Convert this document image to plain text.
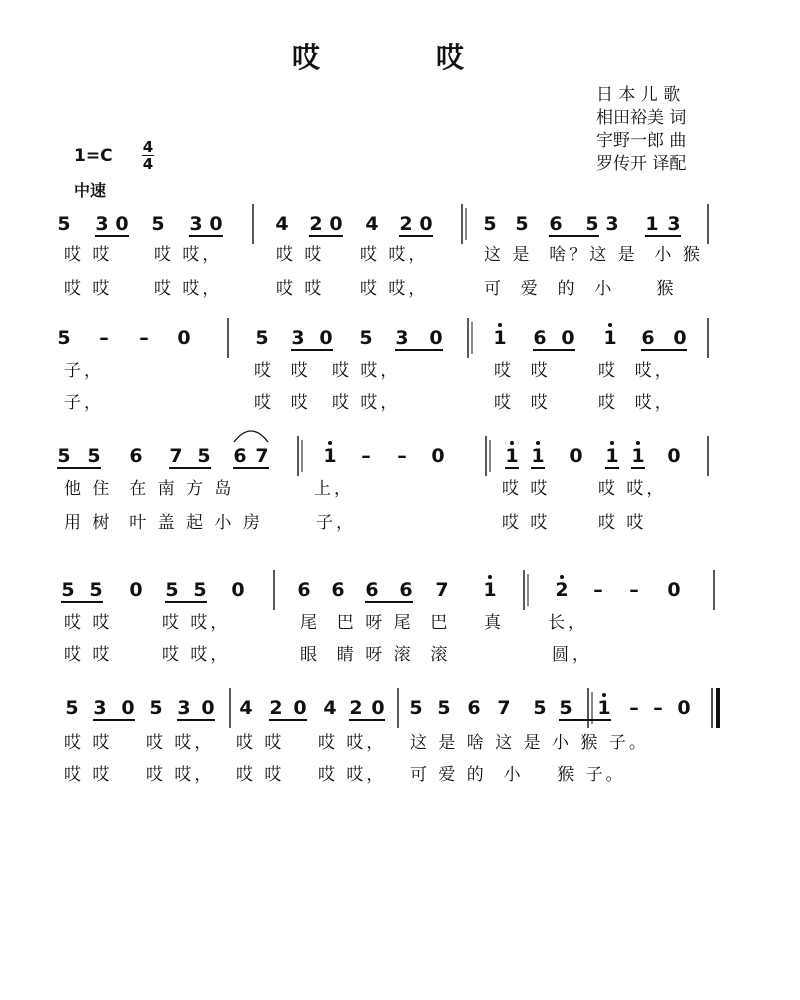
哎　哎
日 本 儿 歌
相田裕美 词
宇野一郎 曲
罗传开 译配
1=C 4
4
中速
5 3 0 5 3 0	4 2 0 4 2 0	5 5 6 5 3 1 3
5 – – 0	5 3 0 5 3 0	1 6 0 1 6 0
5 5 6 7 5 6 7	1 – – 0	1 1 0 1 1 0
5 5 0 5 5 0	6 6 6 6 7 1	2 – – 0
5 3 0 5 3 0 4 2 0 4 2 0 5 5 6 7 5 5 1 – – 0
哎 哎 哎 哎，	哎 哎 哎 哎，	这 是  啥？这 是  小 猴
哎 哎 哎 哎，	哎 哎 哎 哎，	可  爱  的  小     猴
子，	哎  哎 哎 哎，	哎  哎	哎  哎，
子，	哎  哎 哎 哎，	哎  哎	哎  哎，
他 住  在 南 方 岛	上，	哎 哎	哎 哎，
用 树  叶 盖 起 小 房	子，	哎 哎	哎 哎
哎 哎	哎 哎，	尾  巴 呀 尾  巴    真	长，
哎 哎	哎 哎，	眼  睛 呀 滚  滚	圆，
哎 哎 哎 哎， 哎 哎 哎 哎， 这 是 啥 这 是 小 猴 子。
哎 哎 哎 哎， 哎 哎 哎 哎， 可 爱 的  小    猴 子。
